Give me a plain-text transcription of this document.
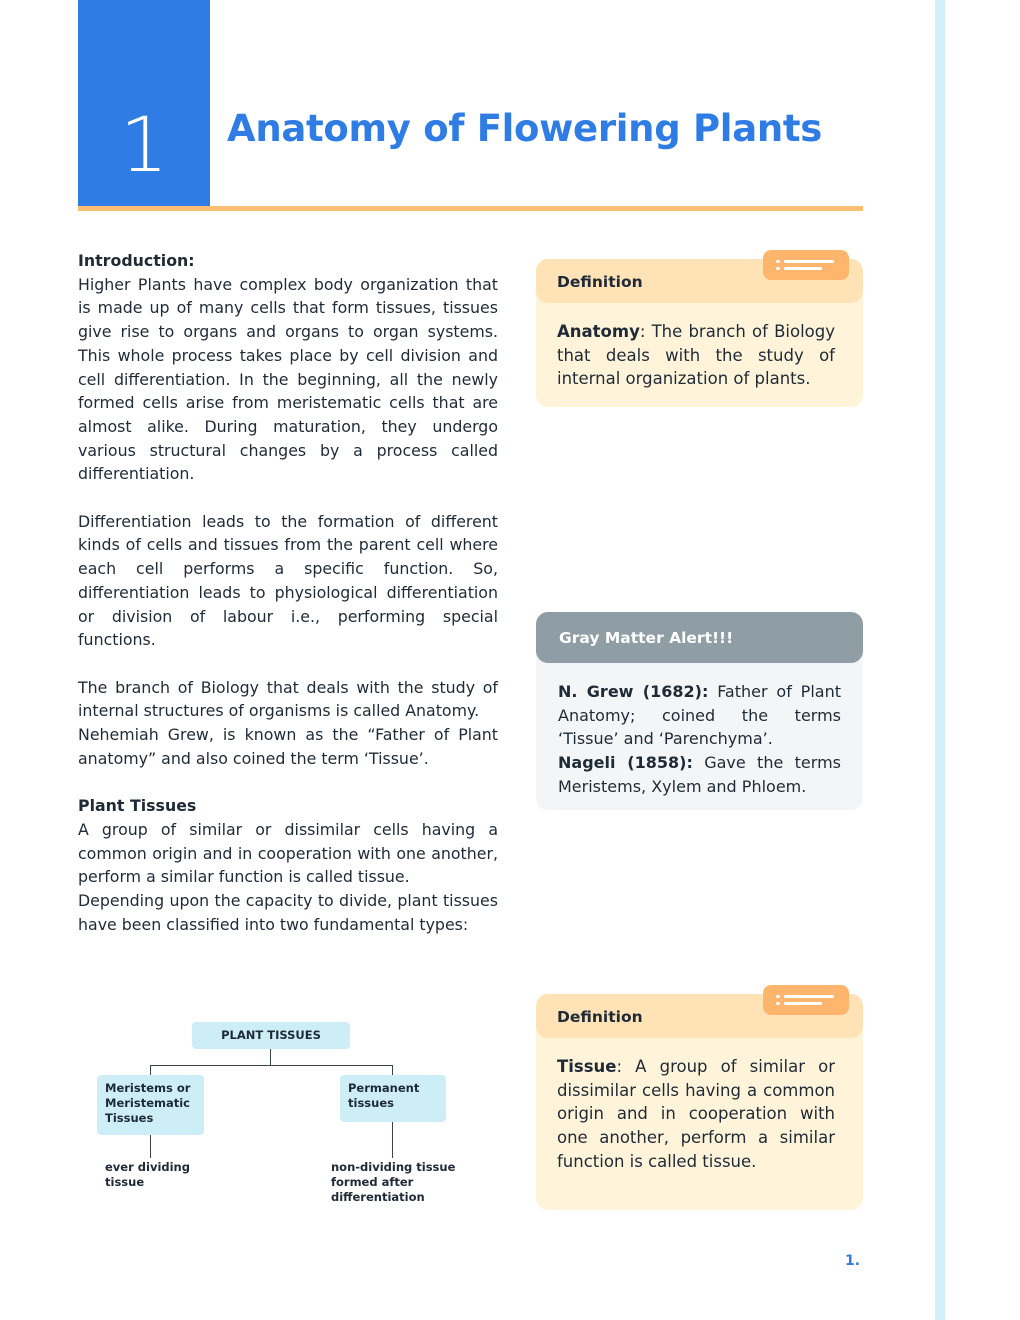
1	Anatomy of Flowering Plants

Introduction:

Higher Plants have complex body organization that is made up of many cells that form tissues, tissues give rise to organs and organs to organ systems. This whole process takes place by cell division and cell differentiation. In the beginning, all the newly formed cells arise from meristematic cells that are almost alike. During maturation, they undergo various structural changes by a process called differentiation.

Differentiation leads to the formation of different kinds of cells and tissues from the parent cell where each cell performs a specific function. So, differentiation leads to physiological differentiation or division of labour i.e., performing special functions.

The branch of Biology that deals with the study of internal structures of organisms is called Anatomy.

Nehemiah Grew, is known as the “Father of Plant anatomy” and also coined the term ‘Tissue’.

Plant Tissues

A group of similar or dissimilar cells having a common origin and in cooperation with one another, perform a similar function is called tissue.

Depending upon the capacity to divide, plant tissues have been classified into two fundamental types:

Definition
Anatomy: The branch of Biology that deals with the study of internal organization of plants.
Gray Matter Alert!!!

N. Grew (1682): Father of Plant Anatomy; coined the terms ‘Tissue’ and ‘Parenchyma’.

Nageli (1858): Gave the terms Meristems, Xylem and Phloem.

Definition
Tissue: A group of similar or dissimilar cells having a common origin and in cooperation with one another, perform a similar function is called tissue.
PLANT TISSUES
Meristems or Meristematic Tissues
Permanent tissues
ever dividing tissue
non-dividing tissue formed after differentiation
1.
